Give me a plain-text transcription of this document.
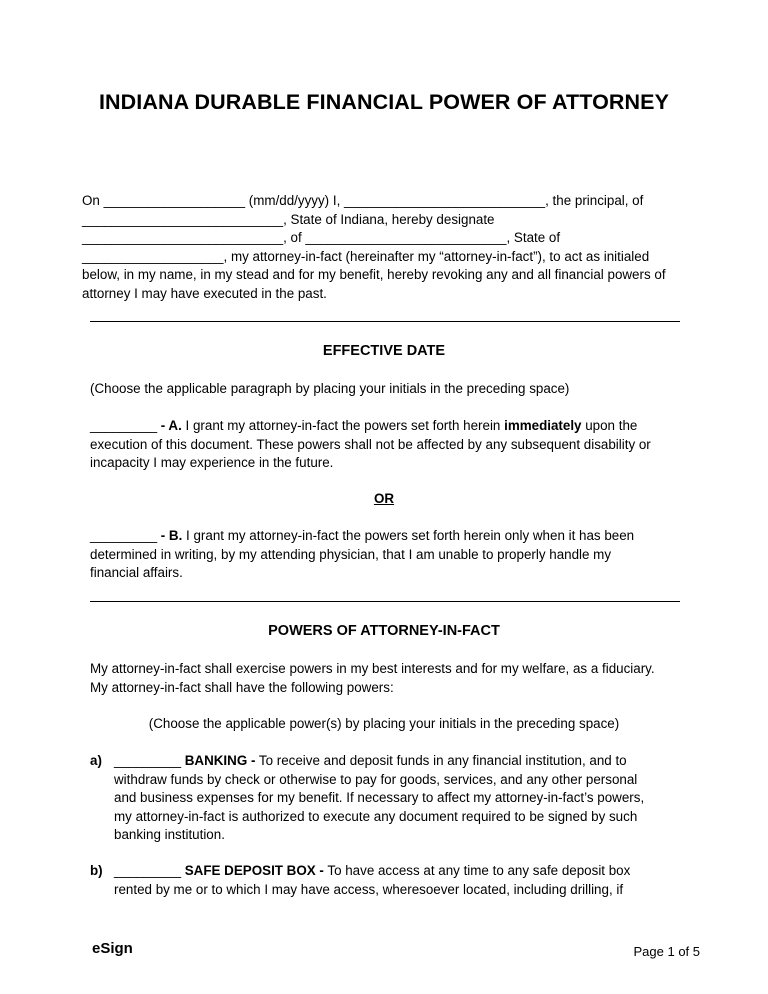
INDIANA DURABLE FINANCIAL POWER OF ATTORNEY
On ___________________ (mm/dd/yyyy) I, ___________________________, the principal, of
___________________________, State of Indiana, hereby designate
___________________________, of ___________________________, State of
___________________, my attorney-in-fact (hereinafter my “attorney-in-fact”), to act as initialed
below, in my name, in my stead and for my benefit, hereby revoking any and all financial powers of
attorney I may have executed in the past.
EFFECTIVE DATE
(Choose the applicable paragraph by placing your initials in the preceding space)
_________ - A. I grant my attorney-in-fact the powers set forth herein immediately upon the
execution of this document. These powers shall not be affected by any subsequent disability or
incapacity I may experience in the future.
OR
_________ - B. I grant my attorney-in-fact the powers set forth herein only when it has been
determined in writing, by my attending physician, that I am unable to properly handle my
financial affairs.
POWERS OF ATTORNEY-IN-FACT
My attorney-in-fact shall exercise powers in my best interests and for my welfare, as a fiduciary.
My attorney-in-fact shall have the following powers:
(Choose the applicable power(s) by placing your initials in the preceding space)
a) _________ BANKING - To receive and deposit funds in any financial institution, and to
withdraw funds by check or otherwise to pay for goods, services, and any other personal
and business expenses for my benefit. If necessary to affect my attorney-in-fact’s powers,
my attorney-in-fact is authorized to execute any document required to be signed by such
banking institution.
b) _________ SAFE DEPOSIT BOX - To have access at any time to any safe deposit box
rented by me or to which I may have access, wheresoever located, including drilling, if
eSign	Page 1 of 5
